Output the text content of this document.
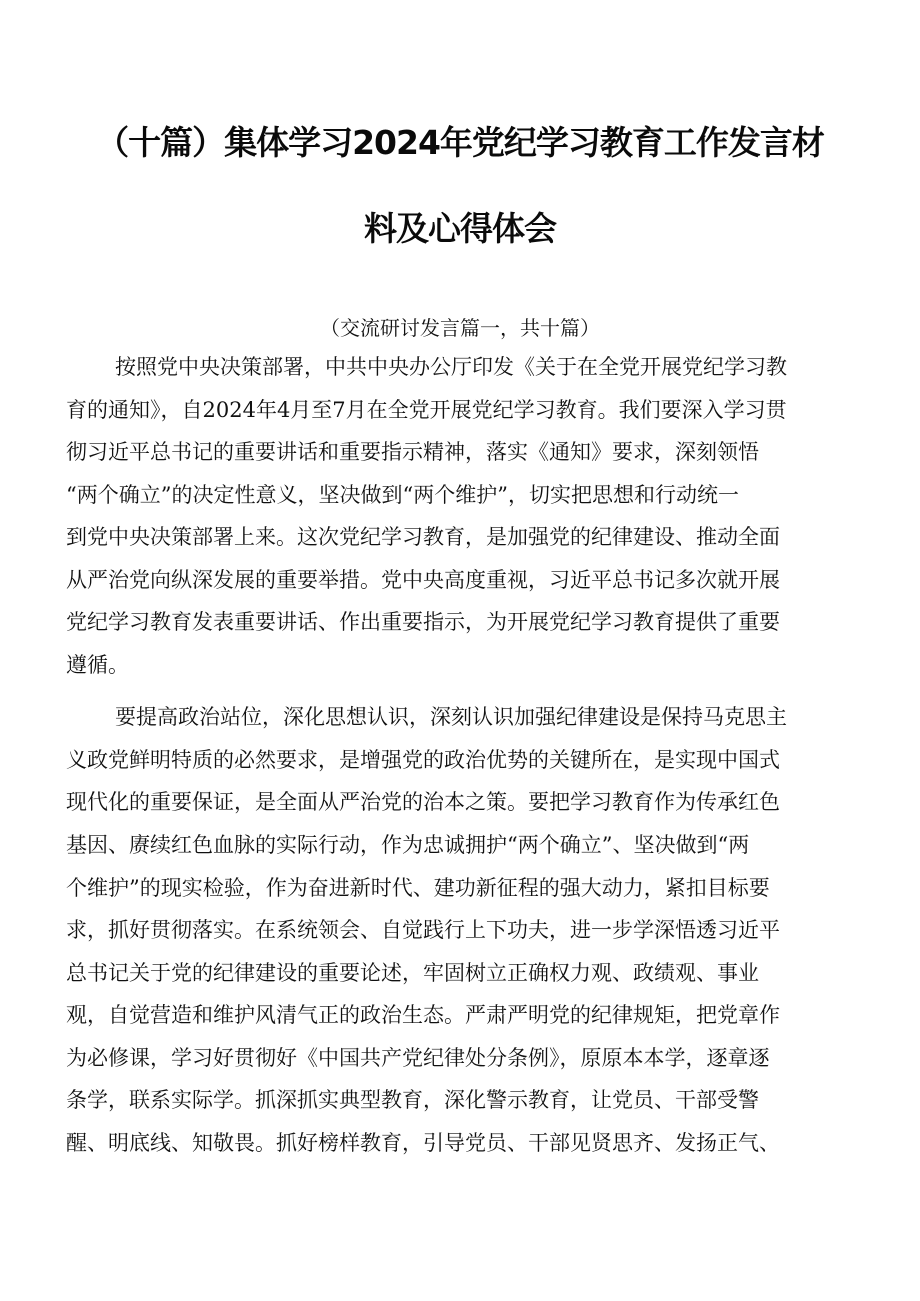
（十篇）集体学习2024年党纪学习教育工作发言材
料及心得体会
（交流研讨发言篇一，共十篇）
按照党中央决策部署，中共中央办公厅印发《关于在全党开展党纪学习教
育的通知》，自2024年4月至7月在全党开展党纪学习教育。我们要深入学习贯
彻习近平总书记的重要讲话和重要指示精神，落实《通知》要求，深刻领悟
“两个确立”的决定性意义，坚决做到“两个维护”，切实把思想和行动统一
到党中央决策部署上来。这次党纪学习教育，是加强党的纪律建设、推动全面
从严治党向纵深发展的重要举措。党中央高度重视，习近平总书记多次就开展
党纪学习教育发表重要讲话、作出重要指示，为开展党纪学习教育提供了重要
遵循。
要提高政治站位，深化思想认识，深刻认识加强纪律建设是保持马克思主
义政党鲜明特质的必然要求，是增强党的政治优势的关键所在，是实现中国式
现代化的重要保证，是全面从严治党的治本之策。要把学习教育作为传承红色
基因、赓续红色血脉的实际行动，作为忠诚拥护“两个确立”、坚决做到“两
个维护”的现实检验，作为奋进新时代、建功新征程的强大动力，紧扣目标要
求，抓好贯彻落实。在系统领会、自觉践行上下功夫，进一步学深悟透习近平
总书记关于党的纪律建设的重要论述，牢固树立正确权力观、政绩观、事业
观，自觉营造和维护风清气正的政治生态。严肃严明党的纪律规矩，把党章作
为必修课，学习好贯彻好《中国共产党纪律处分条例》，原原本本学，逐章逐
条学，联系实际学。抓深抓实典型教育，深化警示教育，让党员、干部受警
醒、明底线、知敬畏。抓好榜样教育，引导党员、干部见贤思齐、发扬正气、
